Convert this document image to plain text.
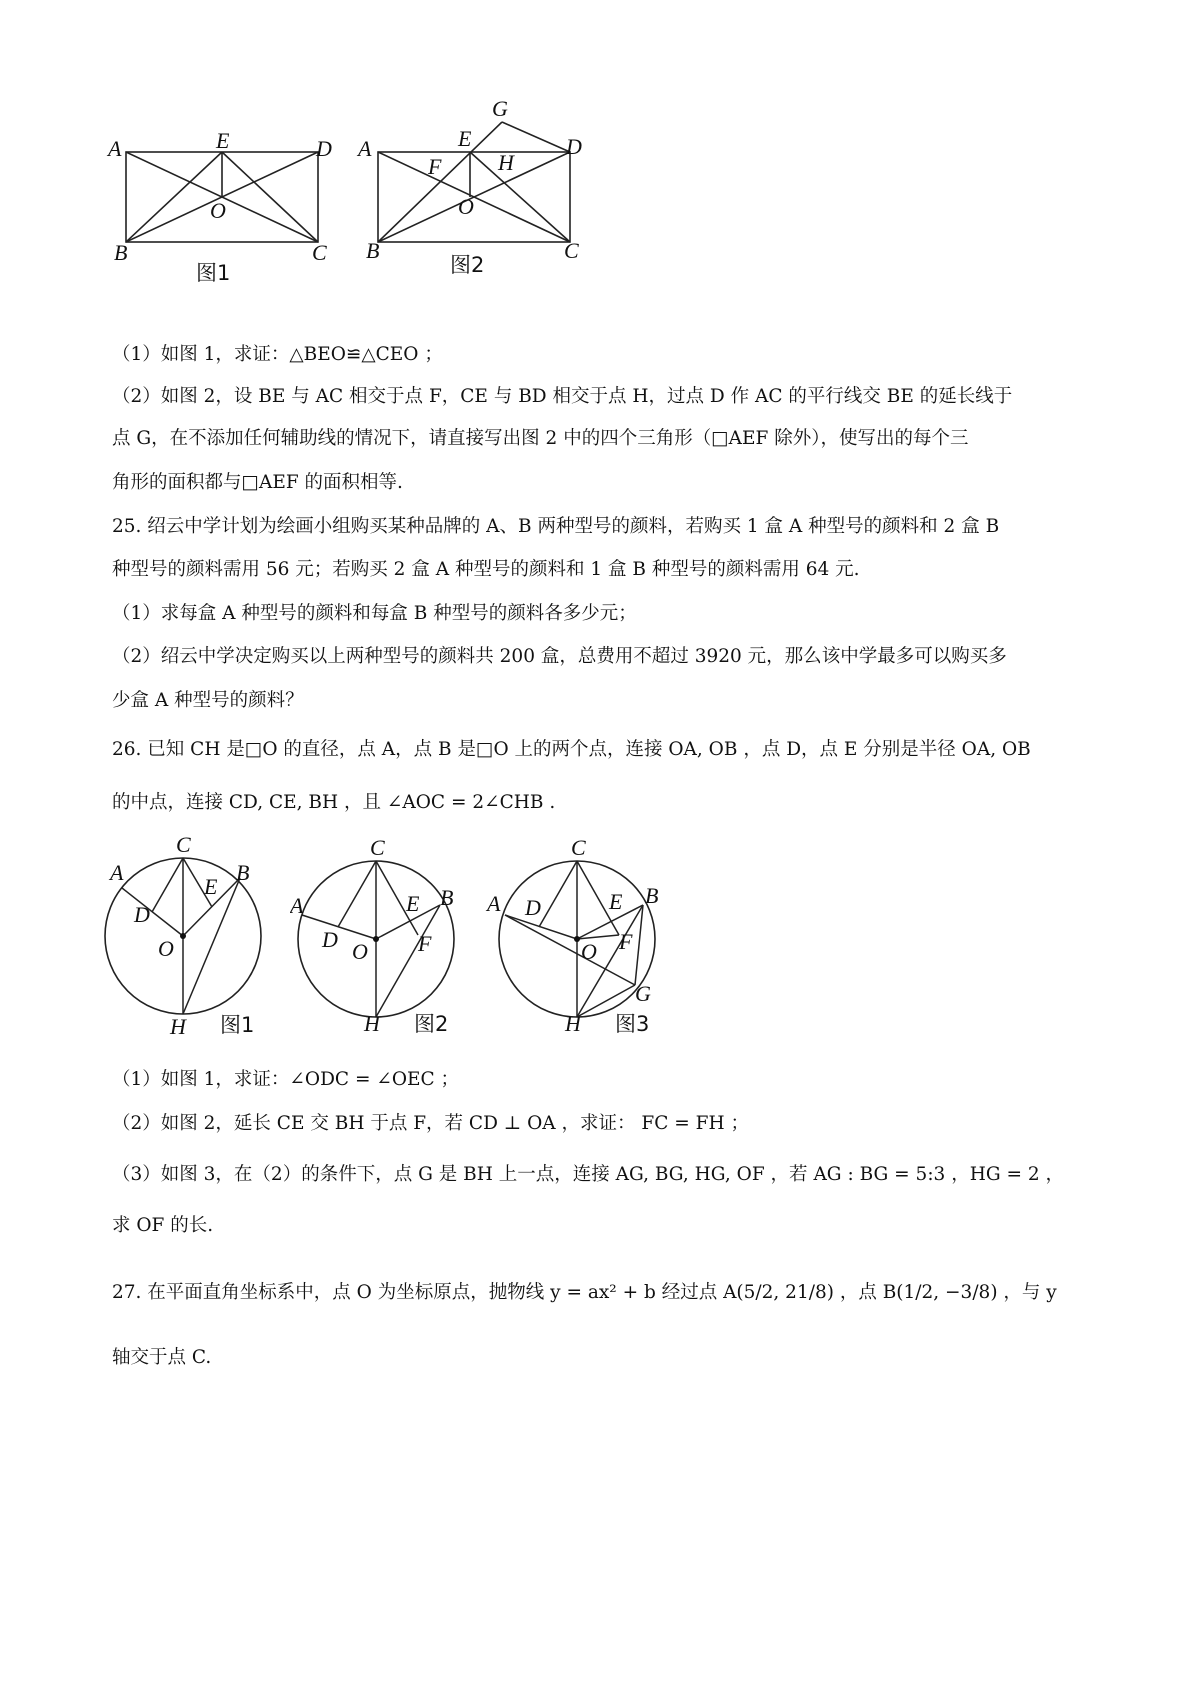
A	E	D
O
B	C
图1
G
A	E	D
F	H
O
B	C
图2
（1）如图 1，求证：△BEO≌△CEO ；
（2）如图 2，设 BE 与 AC 相交于点 F，CE 与 BD 相交于点 H，过点 D 作 AC 的平行线交 BE 的延长线于
点 G，在不添加任何辅助线的情况下，请直接写出图 2 中的四个三角形（□AEF 除外），使写出的每个三
角形的面积都与□AEF 的面积相等.
25. 绍云中学计划为绘画小组购买某种品牌的 A、B 两种型号的颜料，若购买 1 盒 A 种型号的颜料和 2 盒 B
种型号的颜料需用 56 元；若购买 2 盒 A 种型号的颜料和 1 盒 B 种型号的颜料需用 64 元.
（1）求每盒 A 种型号的颜料和每盒 B 种型号的颜料各多少元；
（2）绍云中学决定购买以上两种型号的颜料共 200 盒，总费用不超过 3920 元，那么该中学最多可以购买多
少盒 A 种型号的颜料？
26. 已知 CH 是□O 的直径，点 A，点 B 是□O 上的两个点，连接 OA, OB ，点 D，点 E 分别是半径 OA, OB
的中点，连接 CD, CE, BH ，且 ∠AOC = 2∠CHB .
C
A	B
E
D
O
H 图1
C
A	B
E
D O F
H 图2
C
A	B
E
D
O F
G
H 图3
（1）如图 1，求证：∠ODC = ∠OEC ；
（2）如图 2，延长 CE 交 BH 于点 F，若 CD ⊥ OA ，求证： FC = FH ；
（3）如图 3，在（2）的条件下，点 G 是 BH 上一点，连接 AG, BG, HG, OF ，若 AG : BG = 5:3 ，HG = 2 ，
求 OF 的长.
27. 在平面直角坐标系中，点 O 为坐标原点，抛物线 y = ax² + b 经过点 A(5/2, 21/8) ，点 B(1/2, −3/8) ，与 y
轴交于点 C.
